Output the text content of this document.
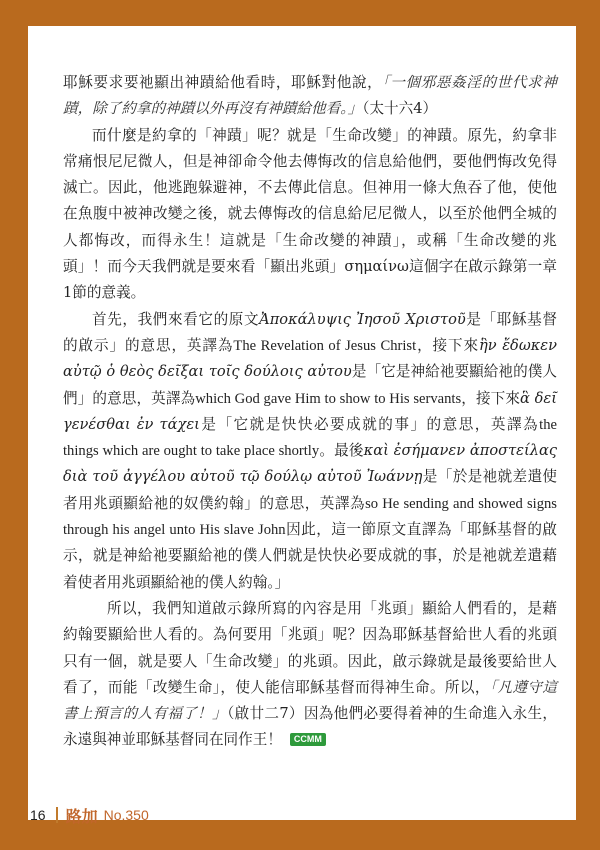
耶穌要求要祂顯出神蹟給他看時，耶穌對他說，「一個邪惡姦淫的世代求神蹟，除了約拿的神蹟以外再沒有神蹟給他看。」（太十六4）

而什麼是約拿的「神蹟」呢？就是「生命改變」的神蹟。原先，約拿非常痛恨尼尼微人，但是神卻命令他去傳悔改的信息給他們，要他們悔改免得滅亡。因此，他逃跑躲避神，不去傳此信息。但神用一條大魚吞了他，使他在魚腹中被神改變之後，就去傳悔改的信息給尼尼微人，以至於他們全城的人都悔改，而得永生！這就是「生命改變的神蹟」，或稱「生命改變的兆頭」！而今天我們就是要來看「顯出兆頭」σημαίνω這個字在啟示錄第一章1節的意義。

首先，我們來看它的原文Ἀποκάλυψις Ἰησοῦ Χριστοῦ是「耶穌基督的啟示」的意思，英譯為The Revelation of Jesus Christ，接下來ἣν ἔδωκεν αὐτῷ ὁ θεὸς δεῖξαι τοῖς δούλοις αὐτου是「它是神給祂要顯給祂的僕人們」的意思，英譯為which God gave Him to show to His servants，接下來ἃ δεῖ γενέσθαι ἐν τάχει是「它就是快快必要成就的事」的意思，英譯為the things which are ought to take place shortly。最後καὶ ἐσήμανεν ἀποστείλας διὰ τοῦ ἀγγέλου αὐτοῦ τῷ δούλῳ αὐτοῦ Ἰωάννῃ是「於是祂就差遣使者用兆頭顯給祂的奴僕約翰」的意思，英譯為so He sending and showed signs through his angel unto His slave John因此，這一節原文直譯為「耶穌基督的啟示，就是神給祂要顯給祂的僕人們就是快快必要成就的事，於是祂就差遣藉着使者用兆頭顯給祂的僕人約翰。」

所以，我們知道啟示錄所寫的內容是用「兆頭」顯給人們看的，是藉約翰要顯給世人看的。為何要用「兆頭」呢？因為耶穌基督給世人看的兆頭只有一個，就是要人「生命改變」的兆頭。因此，啟示錄就是最後要給世人看了，而能「改變生命」，使人能信耶穌基督而得神生命。所以，「凡遵守這書上預言的人有福了！」（啟廿二7）因為他們必要得着神的生命進入永生，永遠與神並耶穌基督同在同作王！ CCMM

16 路加 No.350
